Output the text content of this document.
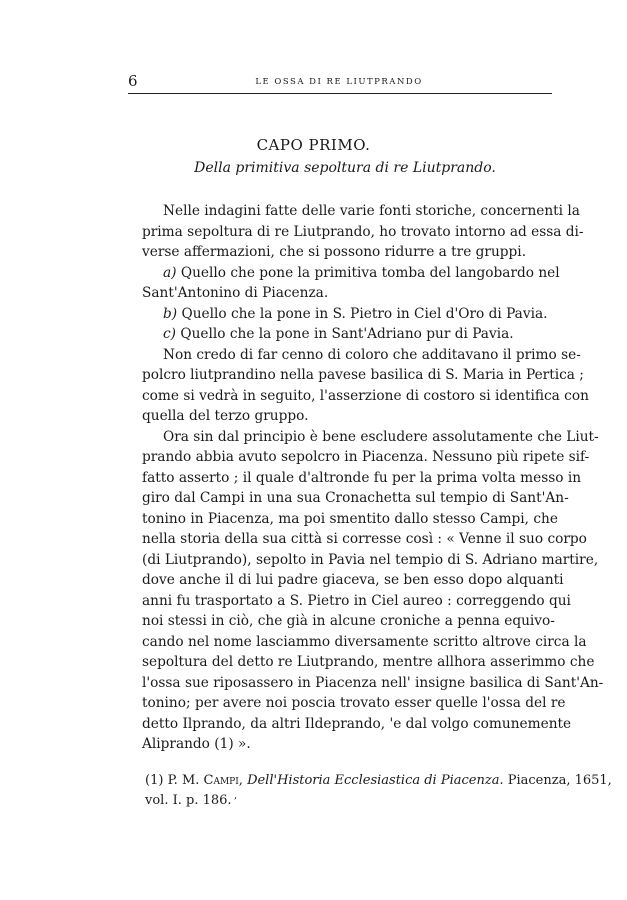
6	LE OSSA DI RE LIUTPRANDO
CAPO PRIMO.
Della primitiva sepoltura di re Liutprando.
Nelle indagini fatte delle varie fonti storiche, concernenti la
prima sepoltura di re Liutprando, ho trovato intorno ad essa di-
verse affermazioni, che si possono ridurre a tre gruppi.
a) Quello che pone la primitiva tomba del langobardo nel
Sant'Antonino di Piacenza.
b) Quello che la pone in S. Pietro in Ciel d'Oro di Pavia.
c) Quello che la pone in Sant'Adriano pur di Pavia.
Non credo di far cenno di coloro che additavano il primo se-
polcro liutprandino nella pavese basilica di S. Maria in Pertica ;
come si vedrà in seguito, l'asserzione di costoro si identifica con
quella del terzo gruppo.
Ora sin dal principio è bene escludere assolutamente che Liut-
prando abbia avuto sepolcro in Piacenza. Nessuno più ripete sif-
fatto asserto ; il quale d'altronde fu per la prima volta messo in
giro dal Campi in una sua Cronachetta sul tempio di Sant'An-
tonino in Piacenza, ma poi smentito dallo stesso Campi, che
nella storia della sua città si corresse così : « Venne il suo corpo
(di Liutprando), sepolto in Pavia nel tempio di S. Adriano martire,
dove anche il di lui padre giaceva, se ben esso dopo alquanti
anni fu trasportato a S. Pietro in Ciel aureo : correggendo qui
noi stessi in ciò, che già in alcune croniche a penna equivo-
cando nel nome lasciammo diversamente scritto altrove circa la
sepoltura del detto re Liutprando, mentre allhora asserimmo che
l'ossa sue riposassero in Piacenza nell' insigne basilica di Sant'An-
tonino; per avere noi poscia trovato esser quelle l'ossa del re
detto Ilprando, da altri Ildeprando, 'e dal volgo comunemente
Aliprando (1) ».
(1) P. M. Campi, Dell'Historia Ecclesiastica di Piacenza. Piacenza, 1651,
vol. I. p. 186. ,
